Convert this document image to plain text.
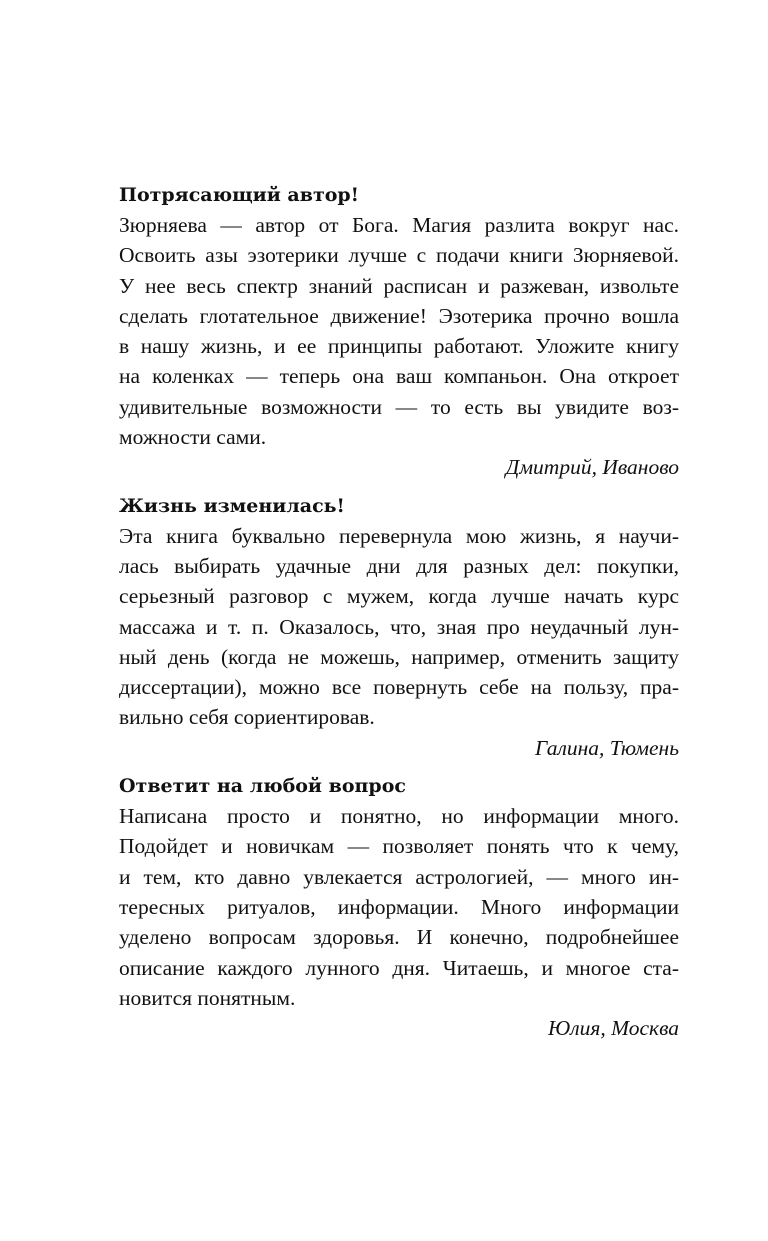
Потрясающий автор!
Зюрняева — автор от Бога. Магия разлита вокруг нас.
Освоить азы эзотерики лучше с подачи книги Зюрняевой.
У нее весь спектр знаний расписан и разжеван, извольте
сделать глотательное движение! Эзотерика прочно вошла
в нашу жизнь, и ее принципы работают. Уложите книгу
на коленках — теперь она ваш компаньон. Она откроет
удивительные возможности — то есть вы увидите воз-
можности сами.
Дмитрий, Иваново
Жизнь изменилась!
Эта книга буквально перевернула мою жизнь, я научи-
лась выбирать удачные дни для разных дел: покупки,
серьезный разговор с мужем, когда лучше начать курс
массажа и т. п. Оказалось, что, зная про неудачный лун-
ный день (когда не можешь, например, отменить защиту
диссертации), можно все повернуть себе на пользу, пра-
вильно себя сориентировав.
Галина, Тюмень
Ответит на любой вопрос
Написана просто и понятно, но информации много.
Подойдет и новичкам — позволяет понять что к чему,
и тем, кто давно увлекается астрологией, — много ин-
тересных ритуалов, информации. Много информации
уделено вопросам здоровья. И конечно, подробнейшее
описание каждого лунного дня. Читаешь, и многое ста-
новится понятным.
Юлия, Москва
